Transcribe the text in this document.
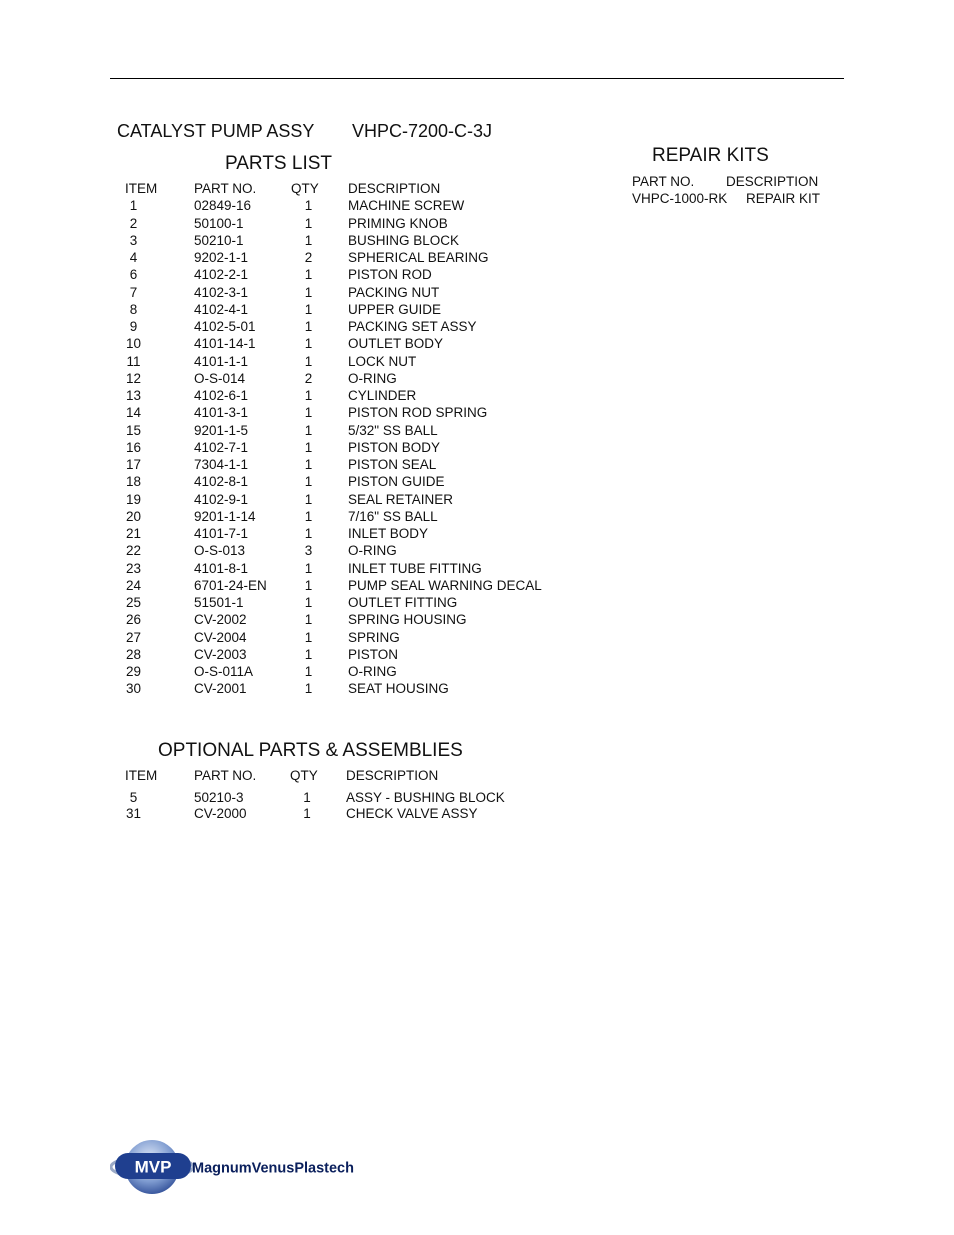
CATALYST PUMP ASSY VHPC-7200-C-3J
PARTS LIST
ITEM	PART NO.	QTY	DESCRIPTION
1	02849-16	1	MACHINE SCREW
2	50100-1	1	PRIMING KNOB
3	50210-1	1	BUSHING BLOCK
4	9202-1-1	2	SPHERICAL BEARING
6	4102-2-1	1	PISTON ROD
7	4102-3-1	1	PACKING NUT
8	4102-4-1	1	UPPER GUIDE
9	4102-5-01	1	PACKING SET ASSY
10	4101-14-1	1	OUTLET BODY
11	4101-1-1	1	LOCK NUT
12	O-S-014	2	O-RING
13	4102-6-1	1	CYLINDER
14	4101-3-1	1	PISTON ROD SPRING
15	9201-1-5	1	5/32" SS BALL
16	4102-7-1	1	PISTON BODY
17	7304-1-1	1	PISTON SEAL
18	4102-8-1	1	PISTON GUIDE
19	4102-9-1	1	SEAL RETAINER
20	9201-1-14	1	7/16" SS BALL
21	4101-7-1	1	INLET BODY
22	O-S-013	3	O-RING
23	4101-8-1	1	INLET TUBE FITTING
24	6701-24-EN	1	PUMP SEAL WARNING DECAL
25	51501-1	1	OUTLET FITTING
26	CV-2002	1	SPRING HOUSING
27	CV-2004	1	SPRING
28	CV-2003	1	PISTON
29	O-S-011A	1	O-RING
30	CV-2001	1	SEAT HOUSING
REPAIR KITS
PART NO. DESCRIPTION
VHPC-1000-RK REPAIR KIT
OPTIONAL PARTS & ASSEMBLIES
ITEM	PART NO.	QTY	DESCRIPTION

5	50210-3	1	ASSY - BUSHING BLOCK
31	CV-2000	1	CHECK VALVE ASSY
MVP MagnumVenusPlastech
